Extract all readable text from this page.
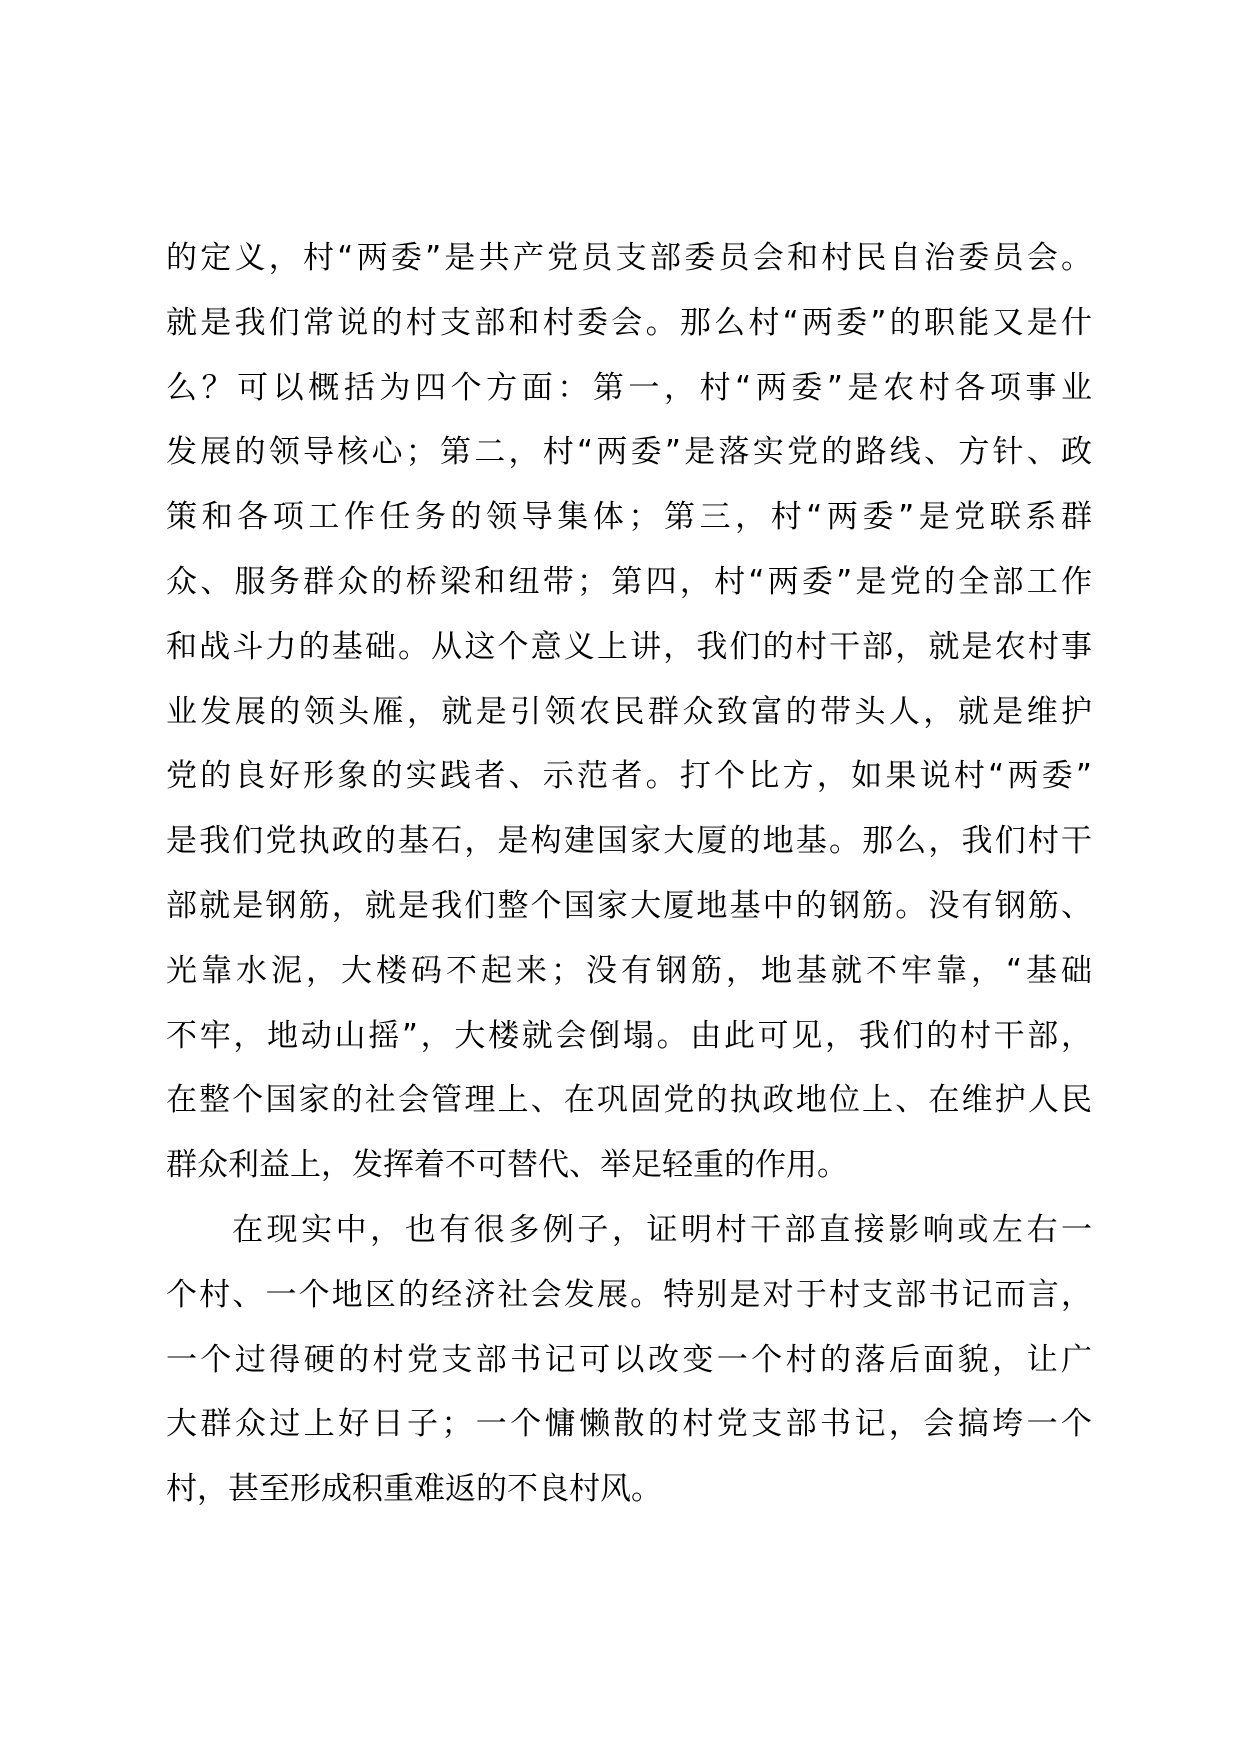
的定义，村“两委”是共产党员支部委员会和村民自治委员会。
就是我们常说的村支部和村委会。那么村“两委”的职能又是什
么？可以概括为四个方面：第一，村“两委”是农村各项事业
发展的领导核心；第二，村“两委”是落实党的路线、方针、政
策和各项工作任务的领导集体；第三，村“两委”是党联系群
众、服务群众的桥梁和纽带；第四，村“两委”是党的全部工作
和战斗力的基础。从这个意义上讲，我们的村干部，就是农村事
业发展的领头雁，就是引领农民群众致富的带头人，就是维护
党的良好形象的实践者、示范者。打个比方，如果说村“两委”
是我们党执政的基石，是构建国家大厦的地基。那么，我们村干
部就是钢筋，就是我们整个国家大厦地基中的钢筋。没有钢筋、
光靠水泥，大楼码不起来；没有钢筋，地基就不牢靠，“基础
不牢，地动山摇”，大楼就会倒塌。由此可见，我们的村干部，
在整个国家的社会管理上、在巩固党的执政地位上、在维护人民
群众利益上，发挥着不可替代、举足轻重的作用。
在现实中，也有很多例子，证明村干部直接影响或左右一
个村、一个地区的经济社会发展。特别是对于村支部书记而言，
一个过得硬的村党支部书记可以改变一个村的落后面貌，让广
大群众过上好日子；一个慵懒散的村党支部书记，会搞垮一个
村，甚至形成积重难返的不良村风。
